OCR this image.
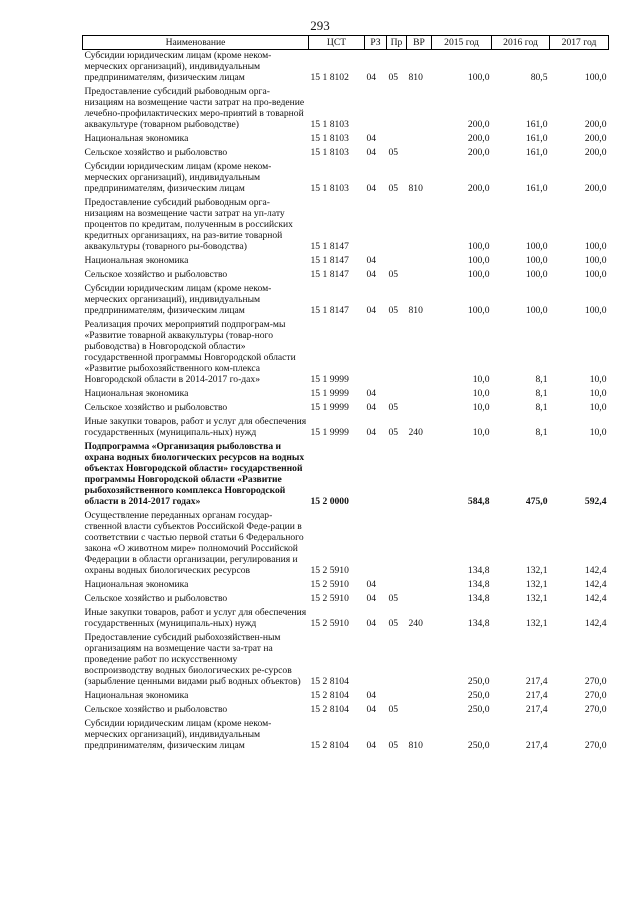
293
Наименование	ЦСТ	РЗ	Пр	ВР	2015 год	2016 год	2017 год
Субсидии юридическим лицам (кроме неком-мерческих организаций), индивидуальным предпринимателям, физическим лицам	15 1 8102	04	05	810	100,0	80,5	100,0
Предоставление субсидий рыбоводным орга-низациям на возмещение части затрат на про-ведение лечебно-профилактических меро-приятий в товарной аквакультуре (товарном рыбоводстве)	15 1 8103				200,0	161,0	200,0
Национальная экономика	15 1 8103	04			200,0	161,0	200,0
Сельское хозяйство и рыболовство	15 1 8103	04	05		200,0	161,0	200,0
Субсидии юридическим лицам (кроме неком-мерческих организаций), индивидуальным предпринимателям, физическим лицам	15 1 8103	04	05	810	200,0	161,0	200,0
Предоставление субсидий рыбоводным орга-низациям на возмещение части затрат на уп-лату процентов по кредитам, полученным в российских кредитных организациях, на раз-витие товарной аквакультуры (товарного ры-боводства)	15 1 8147				100,0	100,0	100,0
Национальная экономика	15 1 8147	04			100,0	100,0	100,0
Сельское хозяйство и рыболовство	15 1 8147	04	05		100,0	100,0	100,0
Субсидии юридическим лицам (кроме неком-мерческих организаций), индивидуальным предпринимателям, физическим лицам	15 1 8147	04	05	810	100,0	100,0	100,0
Реализация прочих мероприятий подпрограм-мы «Развитие товарной аквакультуры (товар-ного рыбоводства) в Новгородской области» государственной программы Новгородской области «Развитие рыбохозяйственного ком-плекса Новгородской области в 2014-2017 го-дах»	15 1 9999				10,0	8,1	10,0
Национальная экономика	15 1 9999	04			10,0	8,1	10,0
Сельское хозяйство и рыболовство	15 1 9999	04	05		10,0	8,1	10,0
Иные закупки товаров, работ и услуг для обеспечения государственных (муниципаль-ных) нужд	15 1 9999	04	05	240	10,0	8,1	10,0
Подпрограмма «Организация рыболовства и охрана водных биологических ресурсов на водных объектах Новгородской области» государственной программы Новгородской области «Развитие рыбохозяйственного комплекса Новгородской области в 2014-2017 годах»	15 2 0000				584,8	475,0	592,4
Осуществление переданных органам государ-ственной власти субъектов Российской Феде-рации в соответствии с частью первой статьи 6 Федерального закона «О животном мире» полномочий Российской Федерации в области организации, регулирования и охраны водных биологических ресурсов	15 2 5910				134,8	132,1	142,4
Национальная экономика	15 2 5910	04			134,8	132,1	142,4
Сельское хозяйство и рыболовство	15 2 5910	04	05		134,8	132,1	142,4
Иные закупки товаров, работ и услуг для обеспечения государственных (муниципаль-ных) нужд	15 2 5910	04	05	240	134,8	132,1	142,4
Предоставление субсидий рыбохозяйствен-ным организациям на возмещение части за-трат на проведение работ по искусственному воспроизводству водных биологических ре-сурсов (зарыбление ценными видами рыб водных объектов)	15 2 8104				250,0	217,4	270,0
Национальная экономика	15 2 8104	04			250,0	217,4	270,0
Сельское хозяйство и рыболовство	15 2 8104	04	05		250,0	217,4	270,0
Субсидии юридическим лицам (кроме неком-мерческих организаций), индивидуальным предпринимателям, физическим лицам	15 2 8104	04	05	810	250,0	217,4	270,0
